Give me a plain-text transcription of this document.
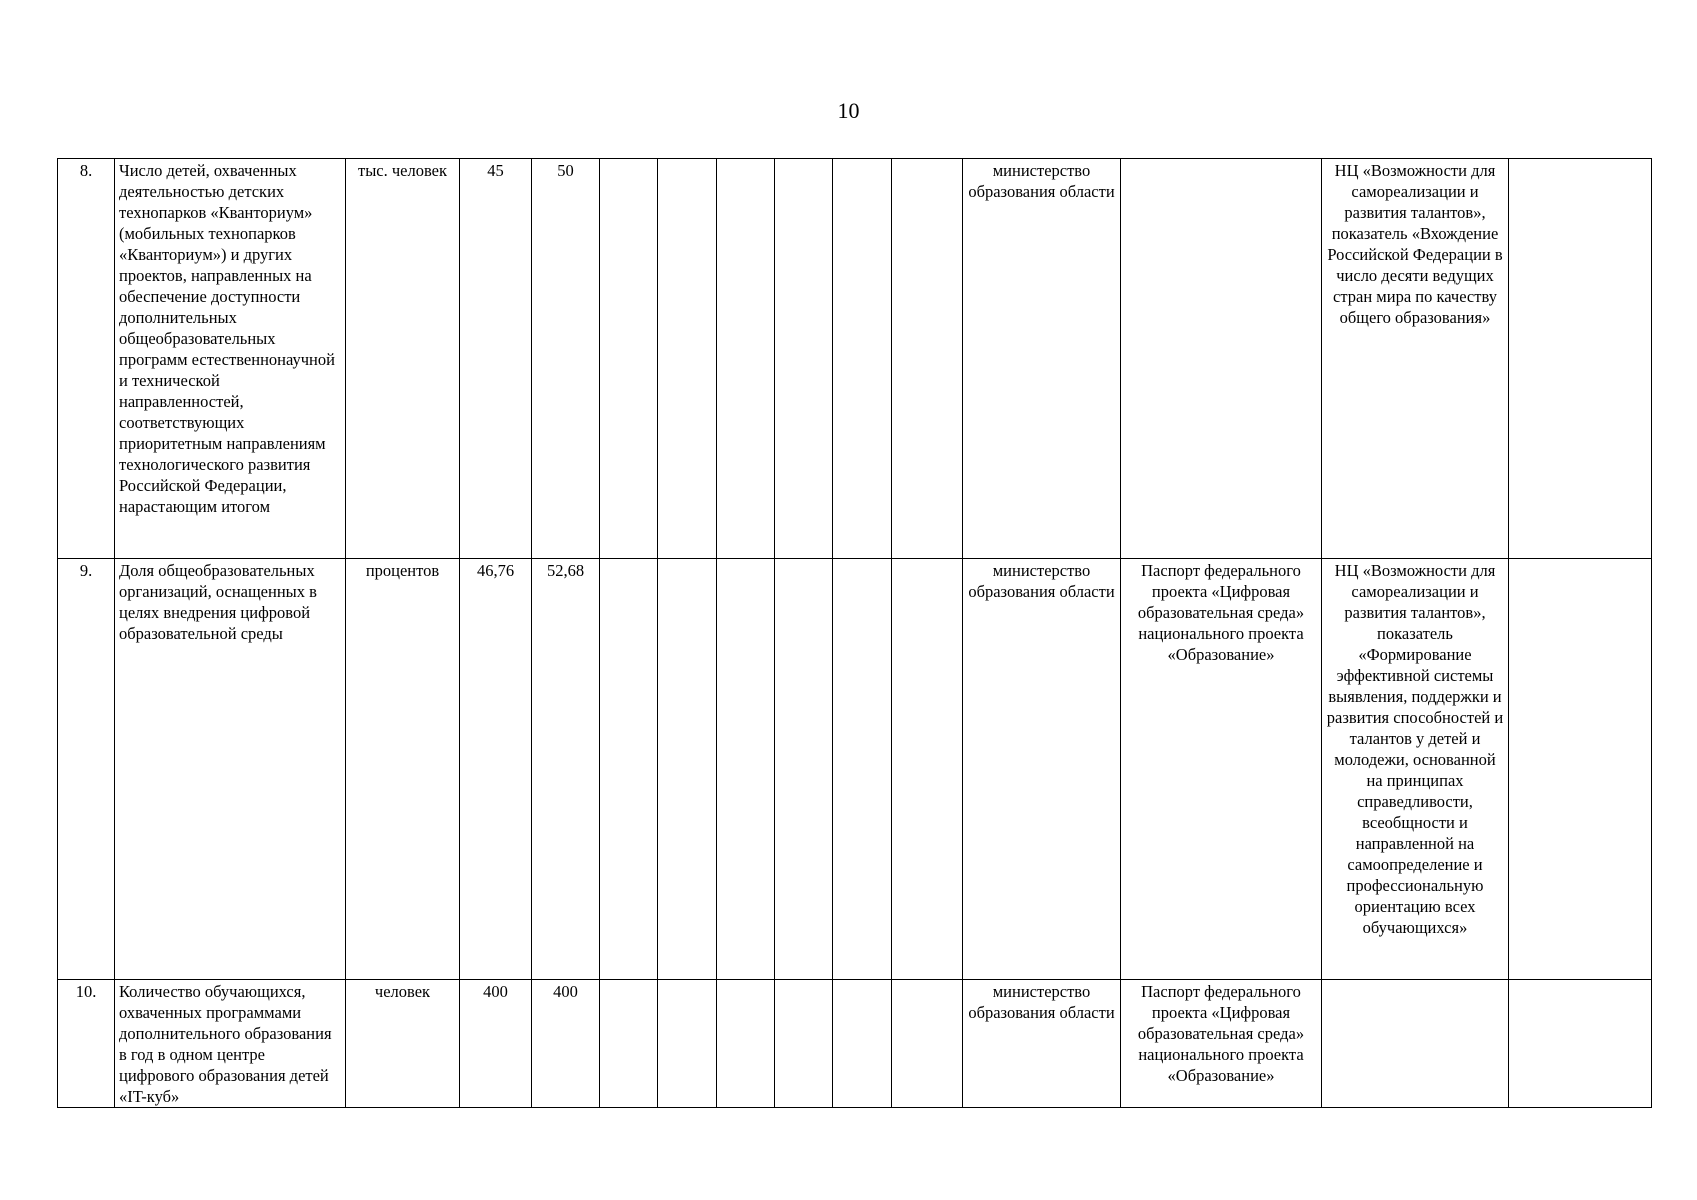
10
8.	Число детей, охваченных деятельностью детских технопарков «Кванториум» (мобильных технопарков «Кванториум») и других проектов, направленных на обеспечение доступности дополнительных общеобразовательных программ естественнонаучной и технической направленностей, соответствующих приоритетным направлениям технологического развития Российской Федерации, нарастающим итогом	тыс. человек	45	50							министерство образования области		НЦ «Возможности для самореализации и развития талантов», показатель «Вхождение Российской Федерации в число десяти ведущих стран мира по качеству общего образования»	
9.	Доля общеобразовательных организаций, оснащенных в целях внедрения цифровой образовательной среды	процентов	46,76	52,68							министерство образования области	Паспорт федерального проекта «Цифровая образовательная среда» национального проекта «Образование»	НЦ «Возможности для самореализации и развития талантов», показатель «Формирование эффективной системы выявления, поддержки и развития способностей и талантов у детей и молодежи, основанной на принципах справедливости, всеобщности и направленной на самоопределение и профессиональную ориентацию всех обучающихся»	
10.	Количество обучающихся, охваченных программами дополнительного образования в год в одном центре цифрового образования детей «IT-куб»	человек	400	400							министерство образования области	Паспорт федерального проекта «Цифровая образовательная среда» национального проекта «Образование»		
